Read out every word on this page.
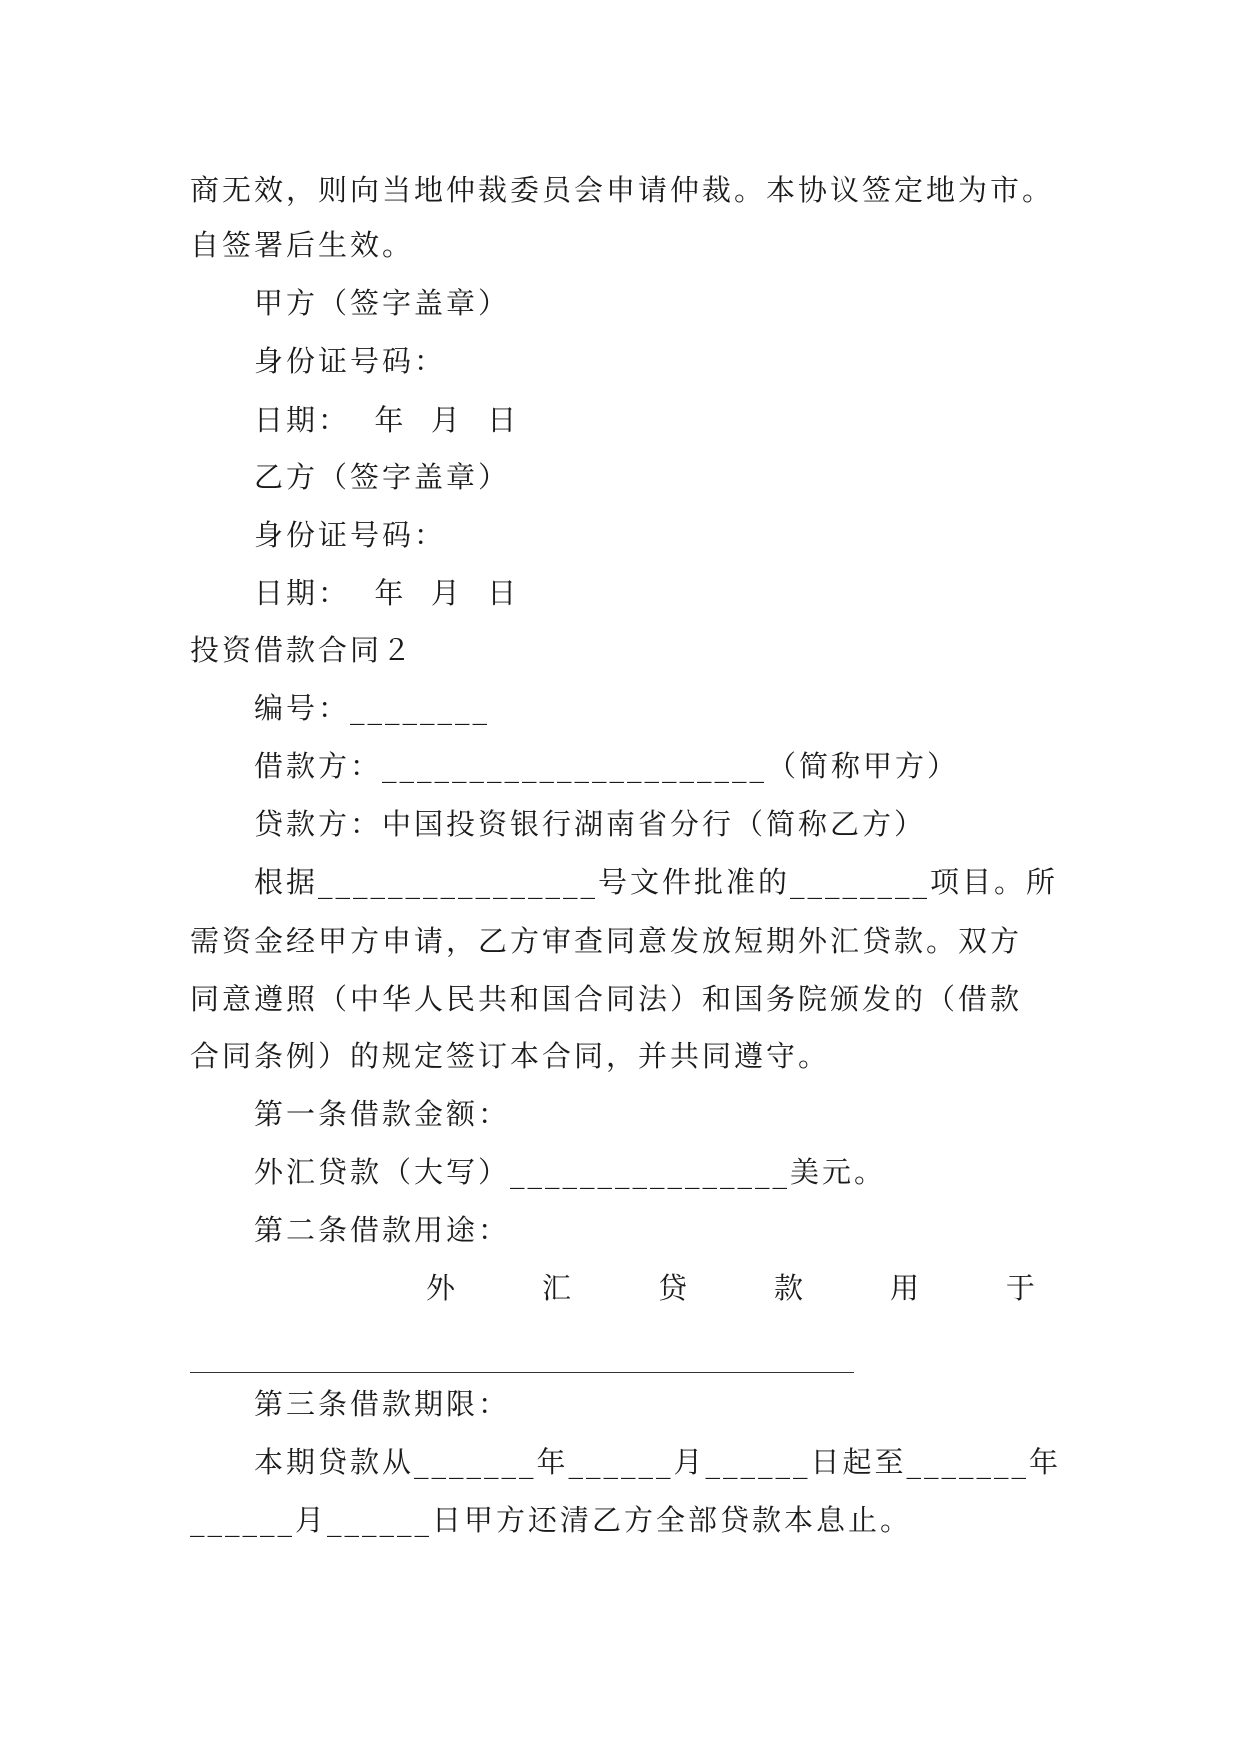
商无效，则向当地仲裁委员会申请仲裁。本协议签定地为市。
自签署后生效。
甲方（签字盖章）
身份证号码：
日期：  年  月  日
乙方（签字盖章）
身份证号码：
日期：  年  月  日
投资借款合同２
编号：________
借款方：______________________（简称甲方）
贷款方：中国投资银行湖南省分行（简称乙方）
根据________________号文件批准的________项目。所
需资金经甲方申请，乙方审查同意发放短期外汇贷款。双方
同意遵照（中华人民共和国合同法）和国务院颁发的（借款
合同条例）的规定签订本合同，并共同遵守。
第一条借款金额：
外汇贷款（大写）________________美元。
第二条借款用途：
外	汇	贷	款	用	于
第三条借款期限：
本期贷款从_______年______月______日起至_______年
______月______日甲方还清乙方全部贷款本息止。
